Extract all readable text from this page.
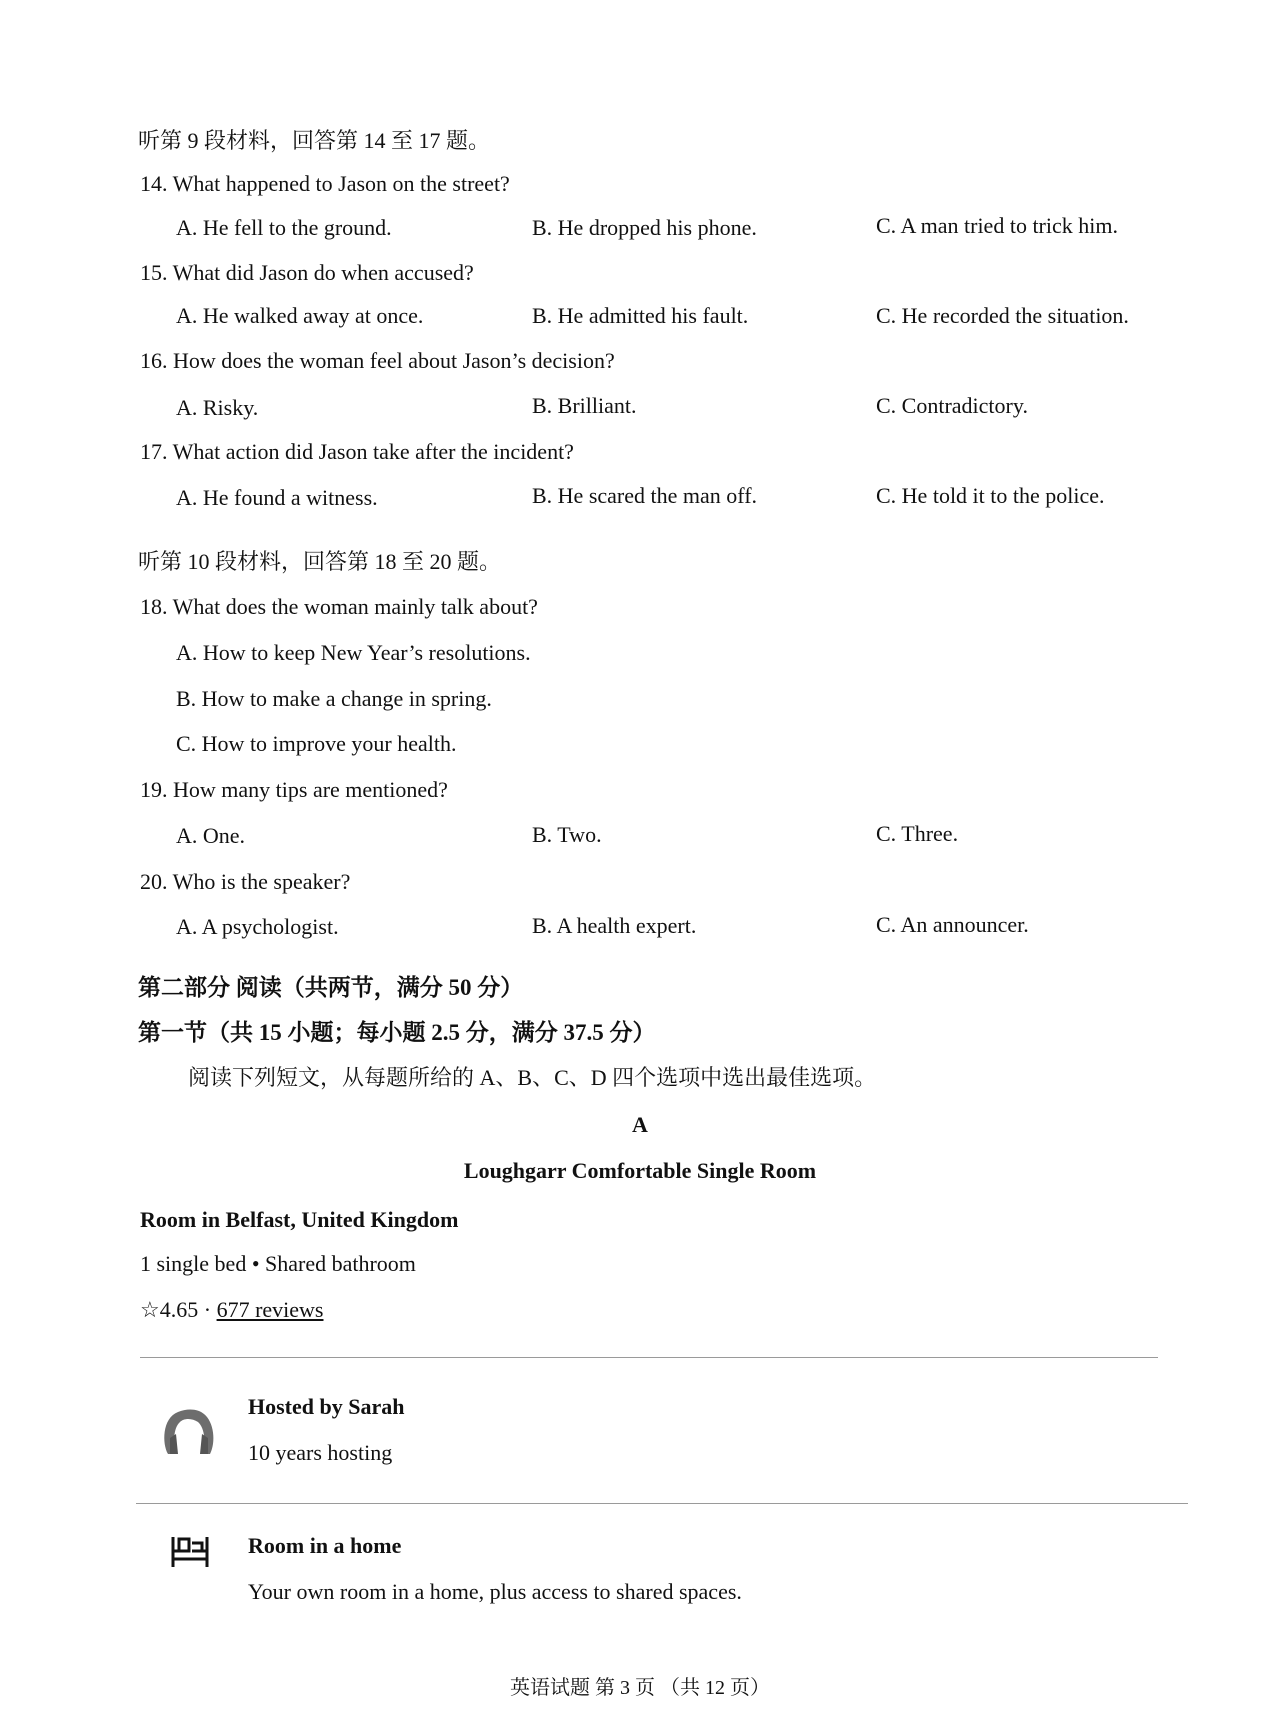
听第 9 段材料，回答第 14 至 17 题。
14. What happened to Jason on the street?
A. He fell to the ground.	B. He dropped his phone.	C. A man tried to trick him.
15. What did Jason do when accused?
A. He walked away at once.	B. He admitted his fault.	C. He recorded the situation.
16. How does the woman feel about Jason’s decision?
A. Risky.	B. Brilliant.	C. Contradictory.
17. What action did Jason take after the incident?
A. He found a witness.	B. He scared the man off.	C. He told it to the police.
听第 10 段材料，回答第 18 至 20 题。
18. What does the woman mainly talk about?
A. How to keep New Year’s resolutions.
B. How to make a change in spring.
C. How to improve your health.
19. How many tips are mentioned?
A. One.	B. Two.	C. Three.
20. Who is the speaker?
A. A psychologist.	B. A health expert.	C. An announcer.
第二部分 阅读（共两节，满分 50 分）
第一节（共 15 小题；每小题 2.5 分，满分 37.5 分）
阅读下列短文，从每题所给的 A、B、C、D 四个选项中选出最佳选项。
A
Loughgarr Comfortable Single Room
Room in Belfast, United Kingdom
1 single bed • Shared bathroom
☆4.65 · 677 reviews
Hosted by Sarah
10 years hosting
Room in a home
Your own room in a home, plus access to shared spaces.
英语试题 第 3 页 （共 12 页）
